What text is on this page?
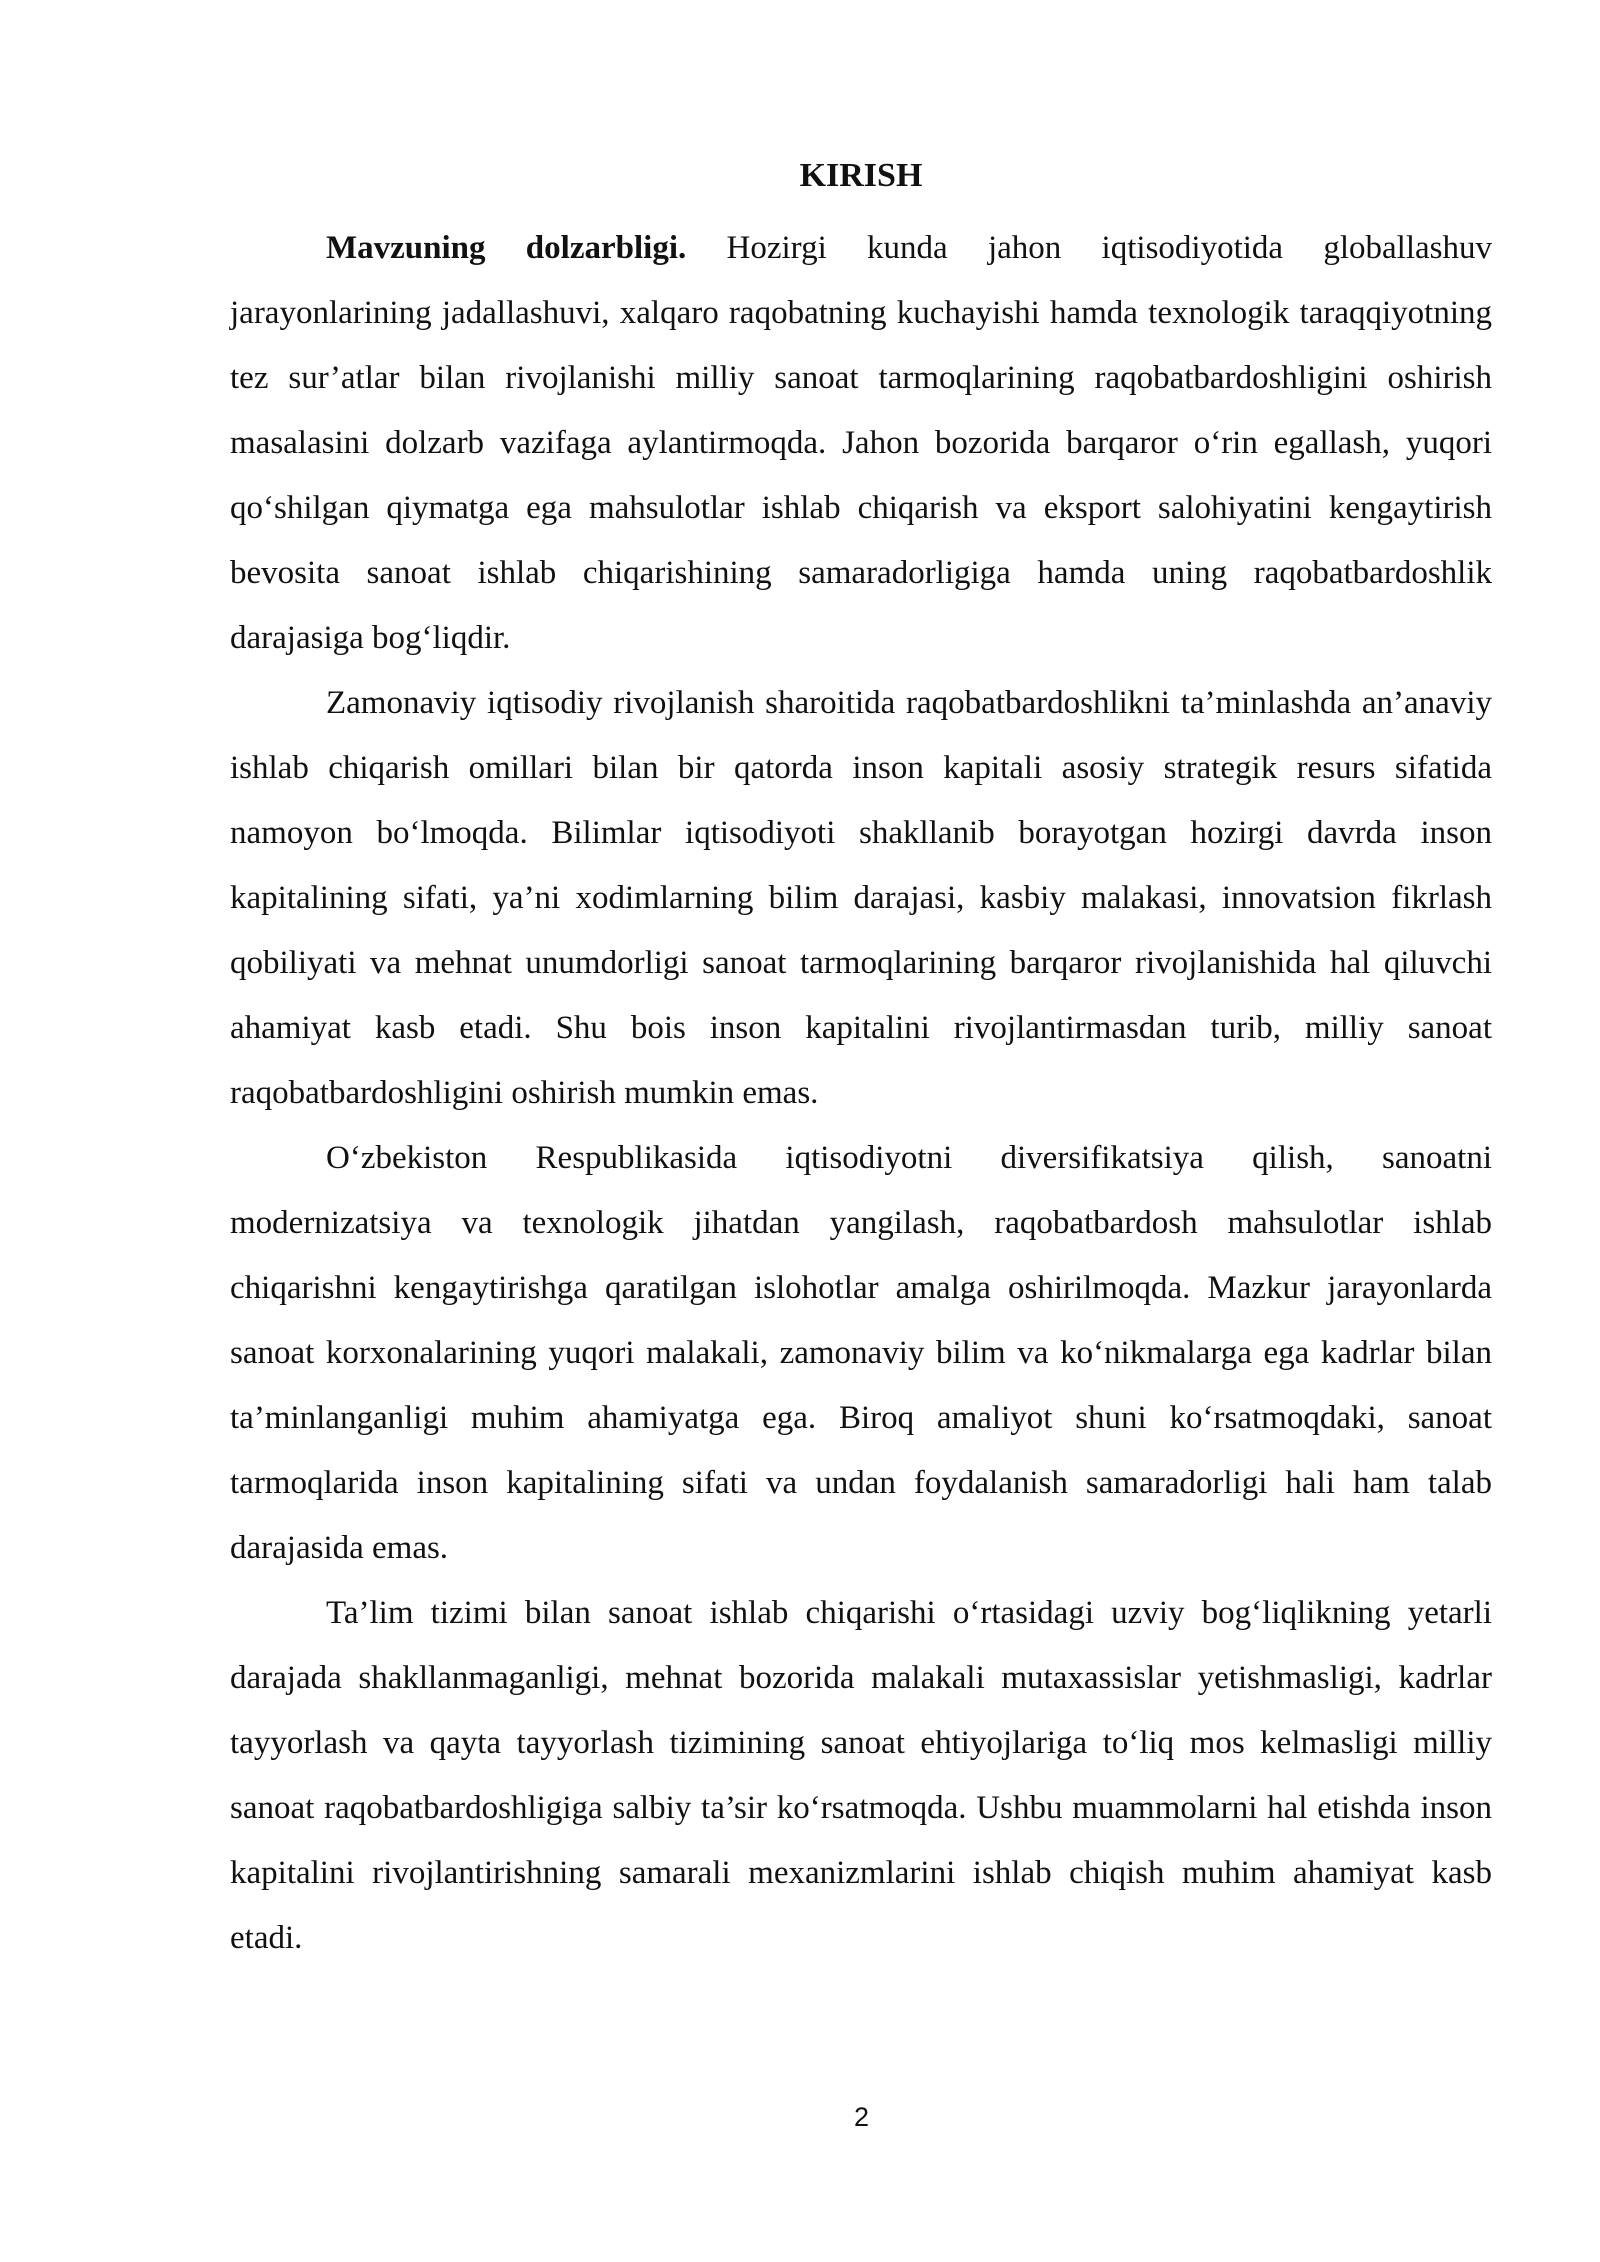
KIRISH

Mavzuning dolzarbligi. Hozirgi kunda jahon iqtisodiyotida globallashuv jarayonlarining jadallashuvi, xalqaro raqobatning kuchayishi hamda texnologik taraqqiyotning tez sur’atlar bilan rivojlanishi milliy sanoat tarmoqlarining raqobatbardoshligini oshirish masalasini dolzarb vazifaga aylantirmoqda. Jahon bozorida barqaror o‘rin egallash, yuqori qo‘shilgan qiymatga ega mahsulotlar ishlab chiqarish va eksport salohiyatini kengaytirish bevosita sanoat ishlab chiqarishining samaradorligiga hamda uning raqobatbardoshlik darajasiga bog‘liqdir.

Zamonaviy iqtisodiy rivojlanish sharoitida raqobatbardoshlikni ta’minlashda an’anaviy ishlab chiqarish omillari bilan bir qatorda inson kapitali asosiy strategik resurs sifatida namoyon bo‘lmoqda. Bilimlar iqtisodiyoti shakllanib borayotgan hozirgi davrda inson kapitalining sifati, ya’ni xodimlarning bilim darajasi, kasbiy malakasi, innovatsion fikrlash qobiliyati va mehnat unumdorligi sanoat tarmoqlarining barqaror rivojlanishida hal qiluvchi ahamiyat kasb etadi. Shu bois inson kapitalini rivojlantirmasdan turib, milliy sanoat raqobatbardoshligini oshirish mumkin emas.

O‘zbekiston Respublikasida iqtisodiyotni diversifikatsiya qilish, sanoatni modernizatsiya va texnologik jihatdan yangilash, raqobatbardosh mahsulotlar ishlab chiqarishni kengaytirishga qaratilgan islohotlar amalga oshirilmoqda. Mazkur jarayonlarda sanoat korxonalarining yuqori malakali, zamonaviy bilim va ko‘nikmalarga ega kadrlar bilan ta’minlanganligi muhim ahamiyatga ega. Biroq amaliyot shuni ko‘rsatmoqdaki, sanoat tarmoqlarida inson kapitalining sifati va undan foydalanish samaradorligi hali ham talab darajasida emas.

Ta’lim tizimi bilan sanoat ishlab chiqarishi o‘rtasidagi uzviy bog‘liqlikning yetarli darajada shakllanmaganligi, mehnat bozorida malakali mutaxassislar yetishmasligi, kadrlar tayyorlash va qayta tayyorlash tizimining sanoat ehtiyojlariga to‘liq mos kelmasligi milliy sanoat raqobatbardoshligiga salbiy ta’sir ko‘rsatmoqda. Ushbu muammolarni hal etishda inson kapitalini rivojlantirishning samarali mexanizmlarini ishlab chiqish muhim ahamiyat kasb etadi.

2
